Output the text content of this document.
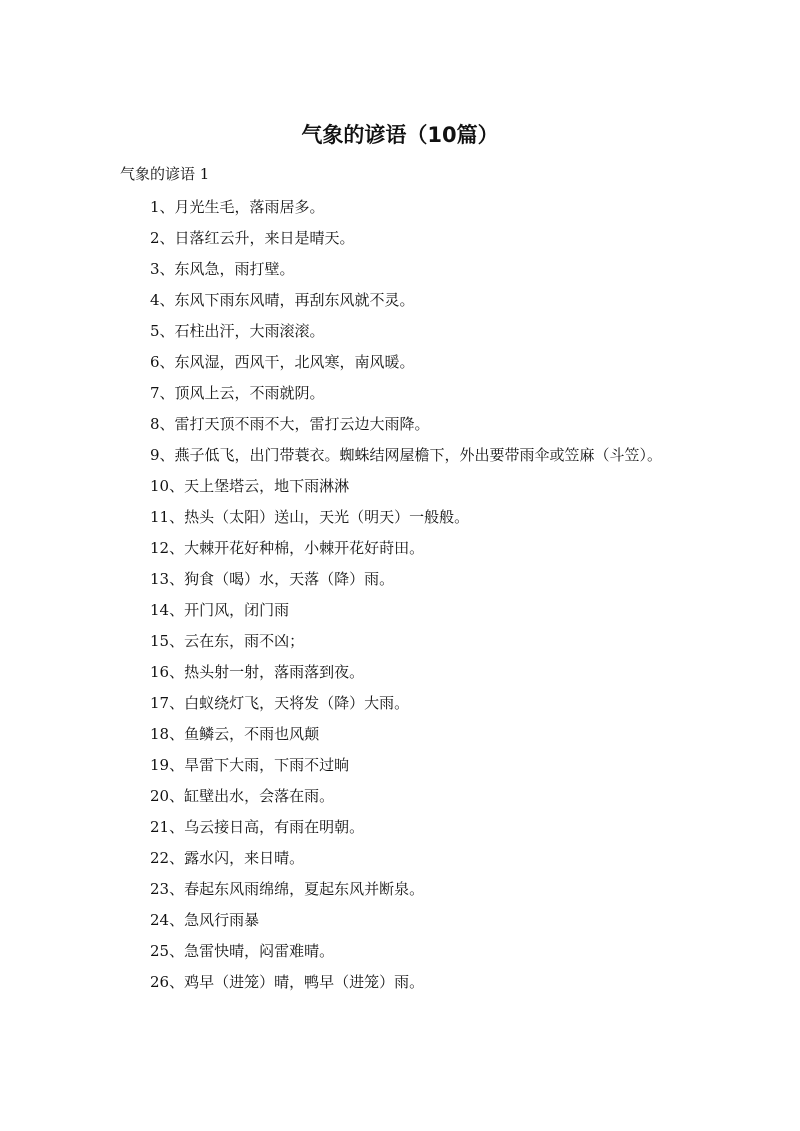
气象的谚语（10篇）
气象的谚语 1
1、月光生毛，落雨居多。
2、日落红云升，来日是晴天。
3、东风急，雨打壁。
4、东风下雨东风晴，再刮东风就不灵。
5、石柱出汗，大雨滚滚。
6、东风湿，西风干，北风寒，南风暖。
7、顶风上云，不雨就阴。
8、雷打天顶不雨不大，雷打云边大雨降。
9、燕子低飞，出门带蓑衣。蜘蛛结网屋檐下，外出要带雨伞或笠麻（斗笠）。
10、天上堡塔云，地下雨淋淋
11、热头（太阳）送山，天光（明天）一般般。
12、大棘开花好种棉，小棘开花好莳田。
13、狗食（喝）水，天落（降）雨。
14、开门风，闭门雨
15、云在东，雨不凶；
16、热头射一射，落雨落到夜。
17、白蚁绕灯飞，天将发（降）大雨。
18、鱼鳞云，不雨也风颠
19、旱雷下大雨，下雨不过晌
20、缸壁出水，会落在雨。
21、乌云接日高，有雨在明朝。
22、露水闪，来日晴。
23、春起东风雨绵绵，夏起东风并断泉。
24、急风行雨暴
25、急雷快晴，闷雷难晴。
26、鸡早（进笼）晴，鸭早（进笼）雨。
